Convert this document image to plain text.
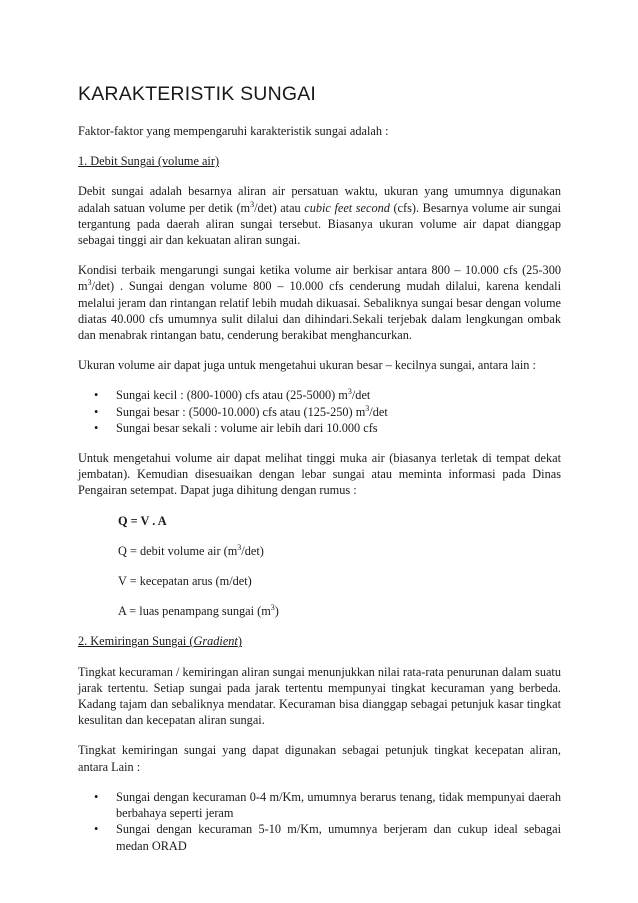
KARAKTERISTIK SUNGAI

Faktor-faktor yang mempengaruhi karakteristik sungai adalah :

1. Debit Sungai (volume air)

Debit sungai adalah besarnya aliran air persatuan waktu, ukuran yang umumnya digunakan adalah satuan volume per detik $(m^3/\det)$ atau cubic feet second (cfs). Besarnya volume air sungai tergantung pada daerah aliran sungai tersebut. Biasanya ukuran volume air dapat dianggap sebagai tinggi air dan kekuatan aliran sungai.

Kondisi terbaik mengarungi sungai ketika volume air berkisar antara 800 – 10.000 cfs (25-300 $m^3/\det$) . Sungai dengan volume 800 – 10.000 cfs cenderung mudah dilalui, karena kendali melalui jeram dan rintangan relatif lebih mudah dikuasai. Sebaliknya sungai besar dengan volume diatas 40.000 cfs umumnya sulit dilalui dan dihindari.Sekali terjebak dalam lengkungan ombak dan menabrak rintangan batu, cenderung berakibat menghancurkan.

Ukuran volume air dapat juga untuk mengetahui ukuran besar – kecilnya sungai, antara lain :

• Sungai kecil : (800-1000) cfs atau (25-5000) $m^3/\det$
• Sungai besar : (5000-10.000) cfs atau (125-250) $m^3/\det$
• Sungai besar sekali : volume air lebih dari 10.000 cfs

Untuk mengetahui volume air dapat melihat tinggi muka air (biasanya terletak di tempat dekat jembatan). Kemudian disesuaikan dengan lebar sungai atau meminta informasi pada Dinas Pengairan setempat. Dapat juga dihitung dengan rumus :

Q = V . A

Q = debit volume air $(m^3/\det)$

V = kecepatan arus (m/det)

A = luas penampang sungai $(m^3)$

2. Kemiringan Sungai (Gradient)

Tingkat kecuraman / kemiringan aliran sungai menunjukkan nilai rata-rata penurunan dalam suatu jarak tertentu. Setiap sungai pada jarak tertentu mempunyai tingkat kecuraman yang berbeda. Kadang tajam dan sebaliknya mendatar. Kecuraman bisa dianggap sebagai petunjuk kasar tingkat kesulitan dan kecepatan aliran sungai.

Tingkat kemiringan sungai yang dapat digunakan sebagai petunjuk tingkat kecepatan aliran, antara Lain :

• Sungai dengan kecuraman 0-4 m/Km, umumnya berarus tenang, tidak mempunyai daerah berbahaya seperti jeram
• Sungai dengan kecuraman 5-10 m/Km, umumnya berjeram dan cukup ideal sebagai medan ORAD
